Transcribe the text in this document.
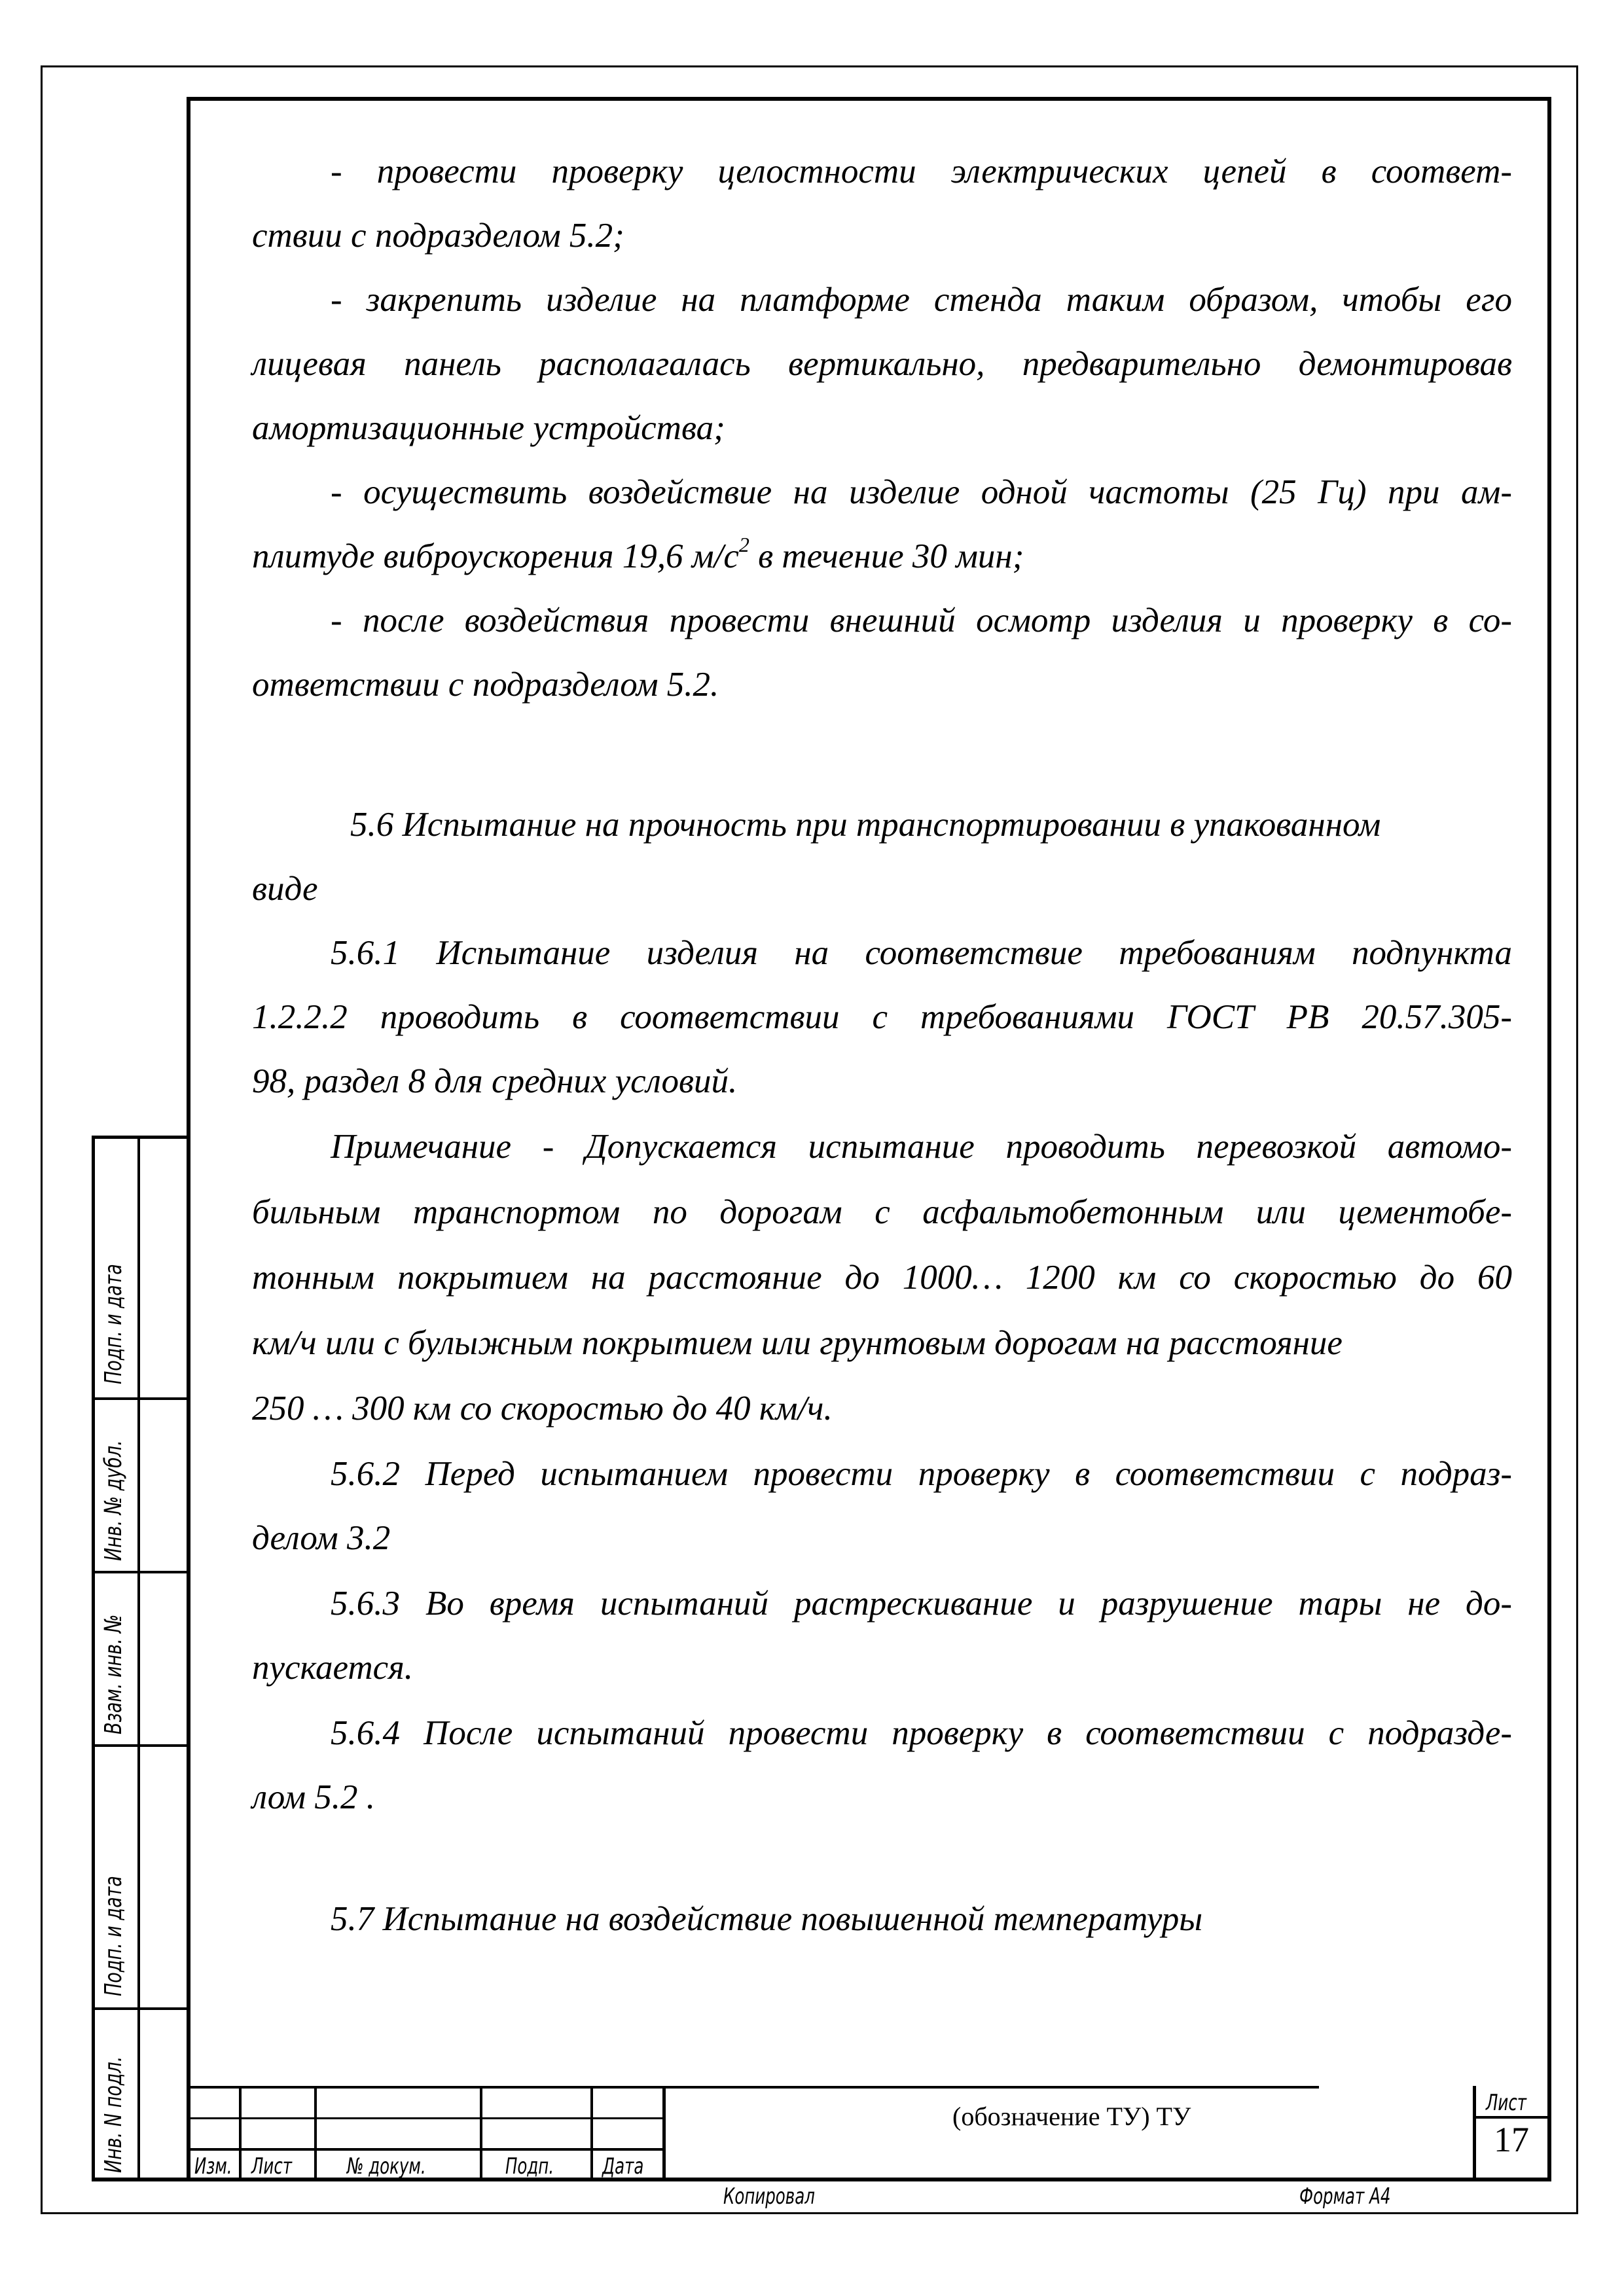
Подп. и дата
Инв. № дубл.
Взам. инв. №
Подп. и дата
Инв. N подл.
- провести проверку целостности электрических цепей в соответ-
ствии с подразделом 5.2;
- закрепить изделие на платформе стенда таким образом, чтобы его
лицевая панель располагалась вертикально, предварительно демонтировав
амортизационные устройства;
- осуществить воздействие на изделие одной частоты (25 Гц) при ам-
плитуде виброускорения 19,6 $м/с^2$ в течение 30 мин;
- после воздействия провести внешний осмотр изделия и проверку в со-
ответствии с подразделом 5.2.
5.6 Испытание на прочность при транспортировании в упакованном
виде
5.6.1 Испытание изделия на соответствие требованиям подпункта
1.2.2.2 проводить в соответствии с требованиями ГОСТ РВ 20.57.305-
98, раздел 8 для средних условий.
Примечание - Допускается испытание проводить перевозкой автомо-
бильным транспортом по дорогам с асфальтобетонным или цементобе-
тонным покрытием на расстояние до 1000… 1200 км со скоростью до 60
км/ч или с булыжным покрытием или грунтовым дорогам на расстояние
250 … 300 км со скоростью до 40 км/ч.
5.6.2 Перед испытанием провести проверку в соответствии с подраз-
делом 3.2
5.6.3 Во время испытаний растрескивание и разрушение тары не до-
пускается.
5.6.4 После испытаний провести проверку в соответствии с подразде-
лом 5.2 .
5.7 Испытание на воздействие повышенной температуры
Изм. Лист № докум.	Подп. Дата
(обозначение ТУ) ТУ	Лист
17
Копировал	Формат А4
